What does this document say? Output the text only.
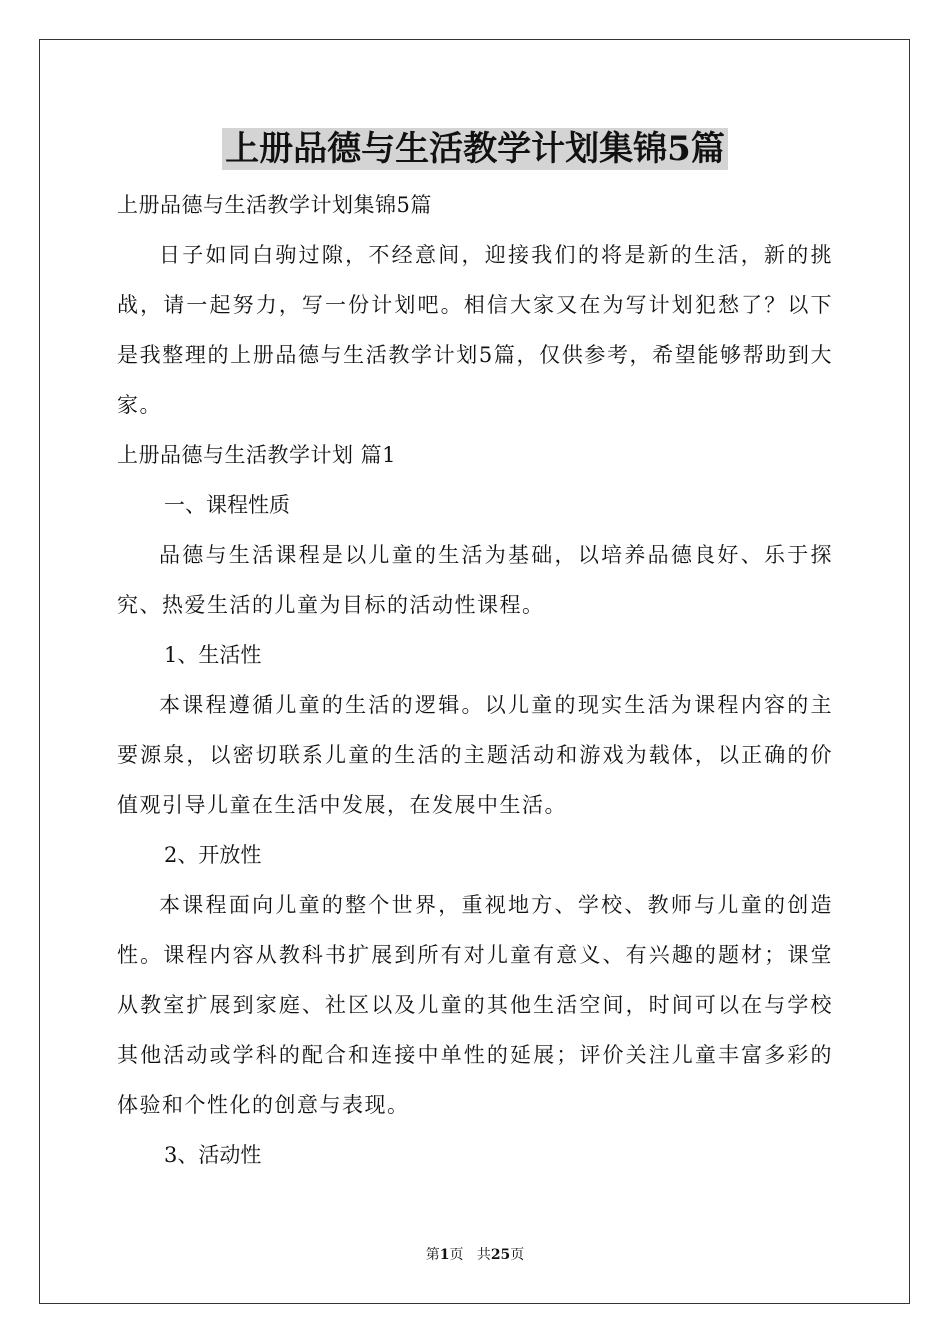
上册品德与生活教学计划集锦5篇

上册品德与生活教学计划集锦5篇

日子如同白驹过隙，不经意间，迎接我们的将是新的生活，新的挑战，请一起努力，写一份计划吧。相信大家又在为写计划犯愁了？以下是我整理的上册品德与生活教学计划5篇，仅供参考，希望能够帮助到大家。

上册品德与生活教学计划 篇1

一、课程性质

品德与生活课程是以儿童的生活为基础，以培养品德良好、乐于探究、热爱生活的儿童为目标的活动性课程。

1、生活性

本课程遵循儿童的生活的逻辑。以儿童的现实生活为课程内容的主要源泉，以密切联系儿童的生活的主题活动和游戏为载体，以正确的价值观引导儿童在生活中发展，在发展中生活。

2、开放性

本课程面向儿童的整个世界，重视地方、学校、教师与儿童的创造性。课程内容从教科书扩展到所有对儿童有意义、有兴趣的题材；课堂从教室扩展到家庭、社区以及儿童的其他生活空间，时间可以在与学校其他活动或学科的配合和连接中单性的延展；评价关注儿童丰富多彩的体验和个性化的创意与表现。

3、活动性

第1页 共25页
